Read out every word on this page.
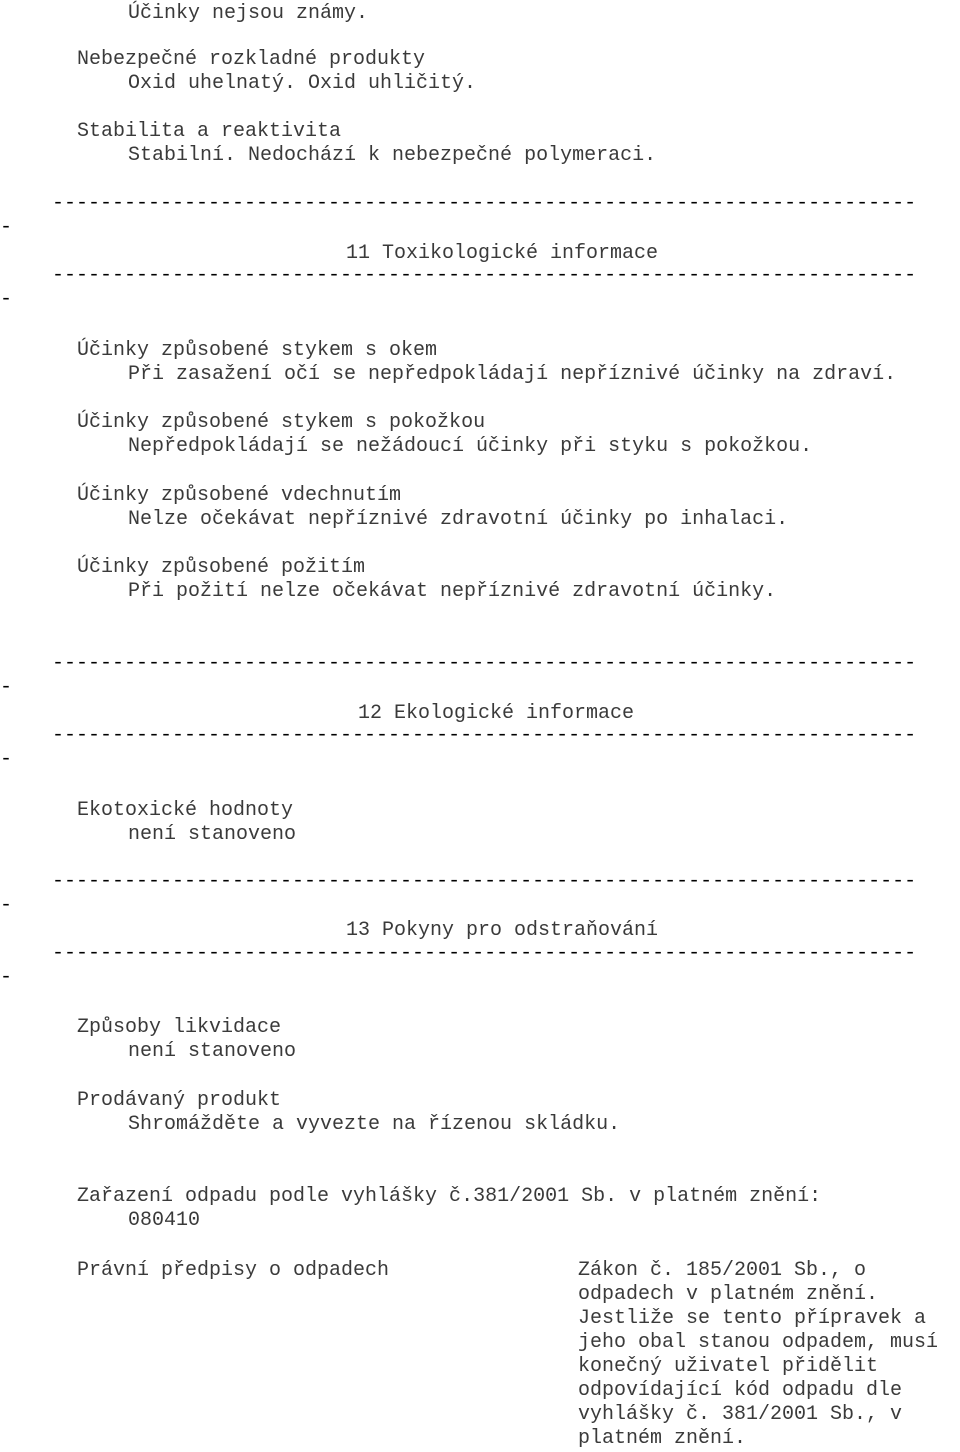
Účinky nejsou známy.
Nebezpečné rozkladné produkty
Oxid uhelnatý. Oxid uhličitý.
Stabilita a reaktivita
Stabilní. Nedochází k nebezpečné polymeraci.
------------------------------------------------------------------------
-
11 Toxikologické informace
------------------------------------------------------------------------
-
Účinky způsobené stykem s okem
Při zasažení očí se nepředpokládají nepříznivé účinky na zdraví.
Účinky způsobené stykem s pokožkou
Nepředpokládají se nežádoucí účinky při styku s pokožkou.
Účinky způsobené vdechnutím
Nelze očekávat nepříznivé zdravotní účinky po inhalaci.
Účinky způsobené požitím
Při požití nelze očekávat nepříznivé zdravotní účinky.
------------------------------------------------------------------------
-
12 Ekologické informace
------------------------------------------------------------------------
-
Ekotoxické hodnoty
není stanoveno
------------------------------------------------------------------------
-
13 Pokyny pro odstraňování
------------------------------------------------------------------------
-
Způsoby likvidace
není stanoveno
Prodávaný produkt
Shromážděte a vyvezte na řízenou skládku.
Zařazení odpadu podle vyhlášky č.381/2001 Sb. v platném znění:
080410
Právní předpisy o odpadech	Zákon č. 185/2001 Sb., o
odpadech v platném znění.
Jestliže se tento přípravek a
jeho obal stanou odpadem, musí
konečný uživatel přidělit
odpovídající kód odpadu dle
vyhlášky č. 381/2001 Sb., v
platném znění.
